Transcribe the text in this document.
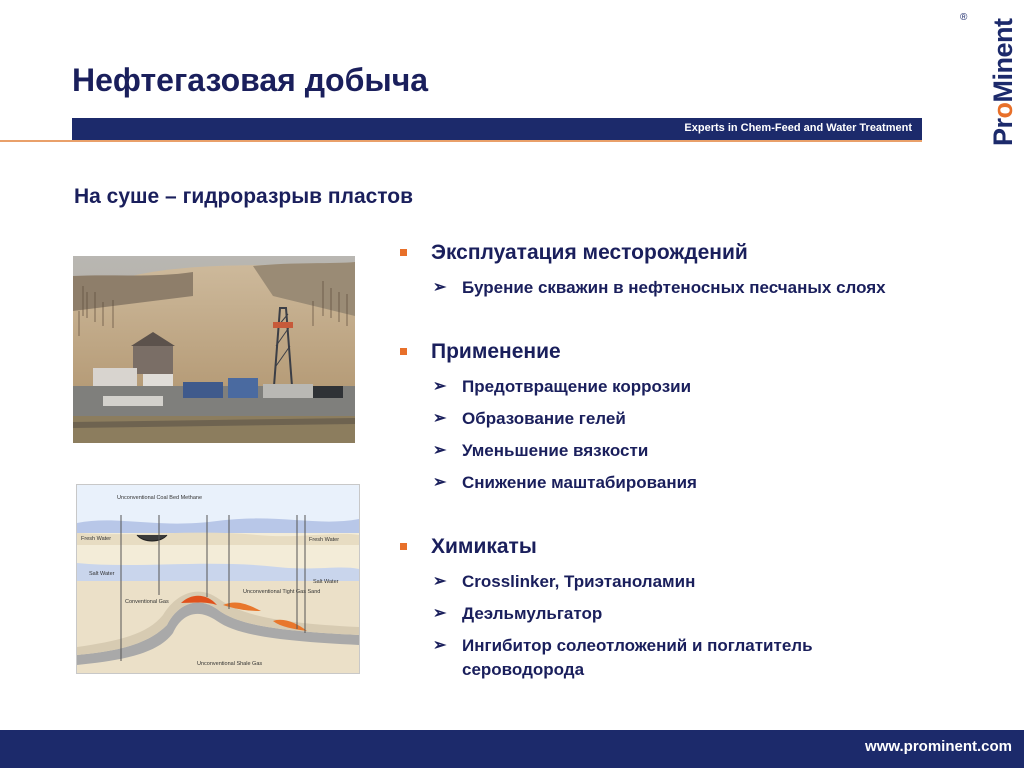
Нефтегазовая добыча
Experts in Chem-Feed and Water Treatment	ProMinent
®
На суше – гидроразрыв пластов
Unconventional Coal Bed Methane
Fresh Water	Fresh Water
Salt Water
Salt Water
Conventional Gas
Unconventional Tight Gas Sand
Unconventional Shale Gas
Эксплуатация месторождений
➢ Бурение скважин в нефтеносных песчаных слоях
Применение
➢ Предотвращение коррозии
➢ Образование гелей
➢ Уменьшение вязкости
➢ Снижение маштабирования
Химикаты
➢ Crosslinker, Триэтаноламин
➢ Деэльмульгатор
➢ Ингибитор солеотложений и поглатитель сероводорода
www.prominent.com
